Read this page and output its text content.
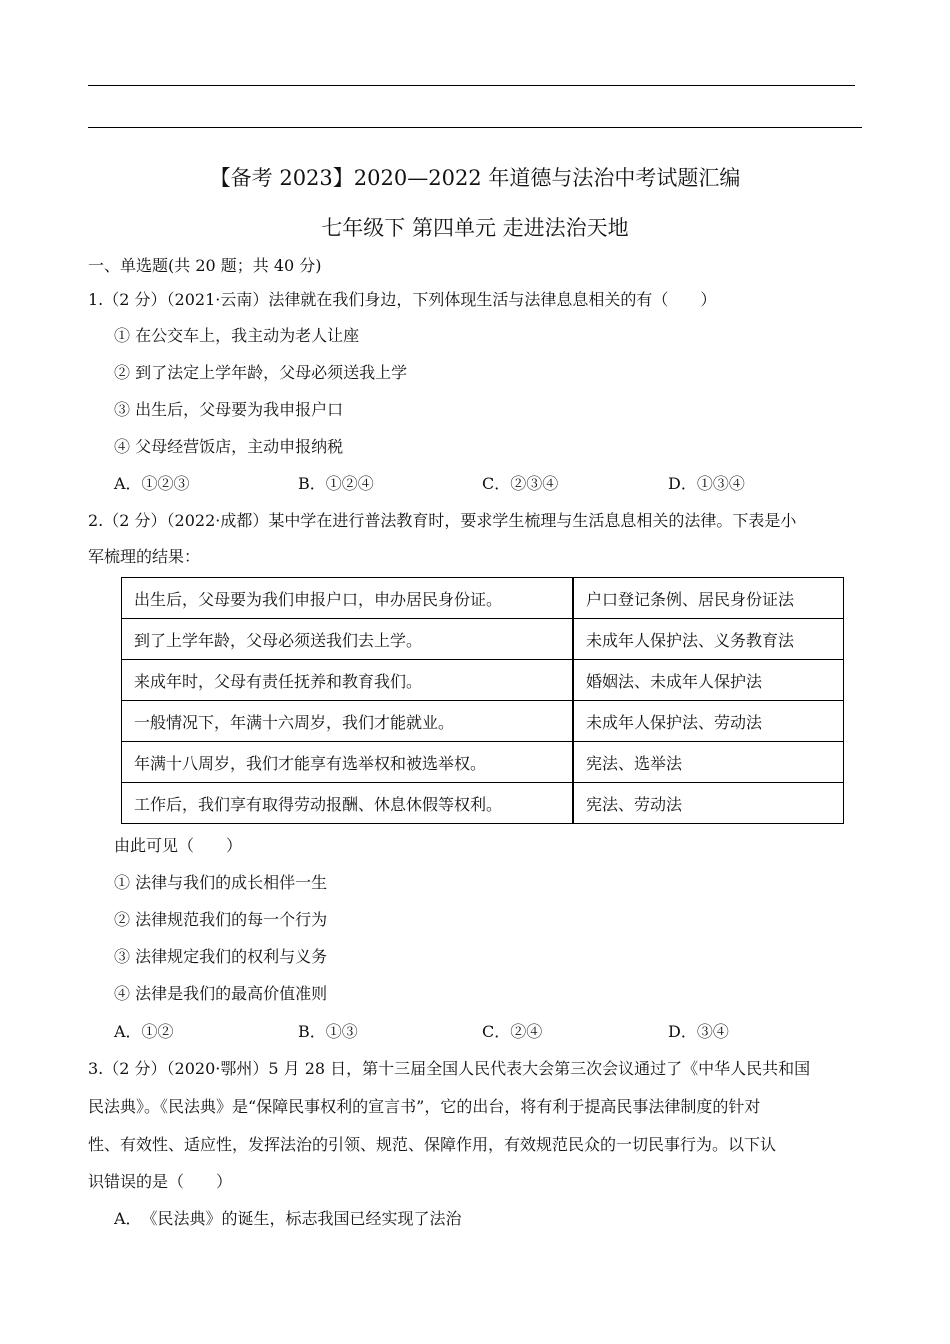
【备考 2023】2020—2022 年道德与法治中考试题汇编
七年级下 第四单元 走进法治天地
一、单选题(共 20 题；共 40 分)
1.（2 分）（2021·云南）法律就在我们身边，下列体现生活与法律息息相关的有（　　）
① 在公交车上，我主动为老人让座
② 到了法定上学年龄，父母必须送我上学
③ 出生后，父母要为我申报户口
④ 父母经营饭店，主动申报纳税
A．①②③	B．①②④	C．②③④	D．①③④
2.（2 分）（2022·成都）某中学在进行普法教育时，要求学生梳理与生活息息相关的法律。下表是小
军梳理的结果：
出生后，父母要为我们申报户口，申办居民身份证。	户口登记条例、居民身份证法
到了上学年龄，父母必须送我们去上学。	未成年人保护法、义务教育法
来成年时，父母有责任抚养和教育我们。	婚姻法、未成年人保护法
一般情况下，年满十六周岁，我们才能就业。	未成年人保护法、劳动法
年满十八周岁，我们才能享有选举权和被选举权。	宪法、选举法
工作后，我们享有取得劳动报酬、休息休假等权利。	宪法、劳动法
由此可见（　　）
① 法律与我们的成长相伴一生
② 法律规范我们的每一个行为
③ 法律规定我们的权利与义务
④ 法律是我们的最高价值准则
A．①②	B．①③	C．②④	D．③④
3.（2 分）（2020·鄂州）5 月 28 日，第十三届全国人民代表大会第三次会议通过了《中华人民共和国
民法典》。《民法典》是“保障民事权利的宣言书”，它的出台，将有利于提高民事法律制度的针对
性、有效性、适应性，发挥法治的引领、规范、保障作用，有效规范民众的一切民事行为。以下认
识错误的是（　　）
A．　《民法典》的诞生，标志我国已经实现了法治
